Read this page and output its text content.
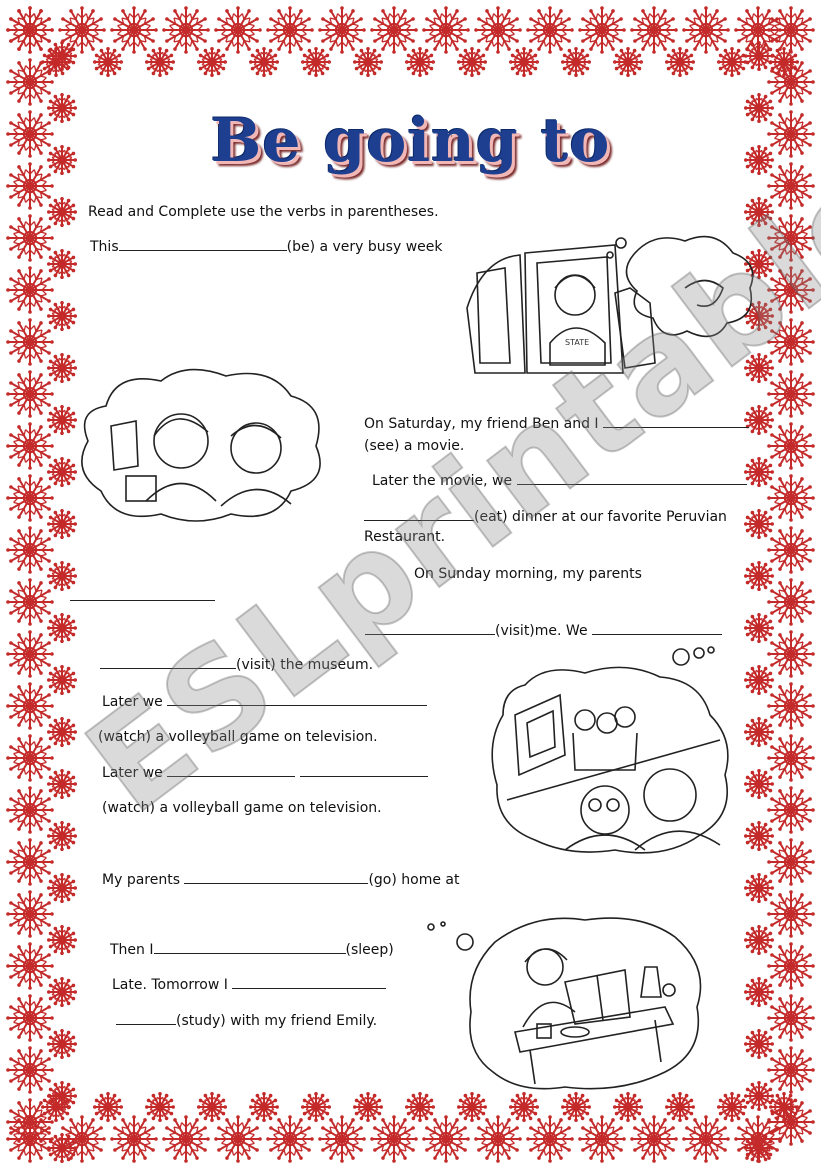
Be going to
Read and Complete use the verbs in parentheses.
This	(be) a very busy week
STATE
On Saturday, my friend Ben and I
(see) a movie.
Later the movie, we
(eat) dinner at our favorite Peruvian
Restaurant.
On Sunday morning, my parents
(visit)me. We
(visit) the museum.
Later we
(watch) a volleyball game on television.
Later we
(watch) a volleyball game on television.
My parents	(go) home at
Then I	(sleep)
Late. Tomorrow I
(study) with my friend Emily.
ESLprintables.com
